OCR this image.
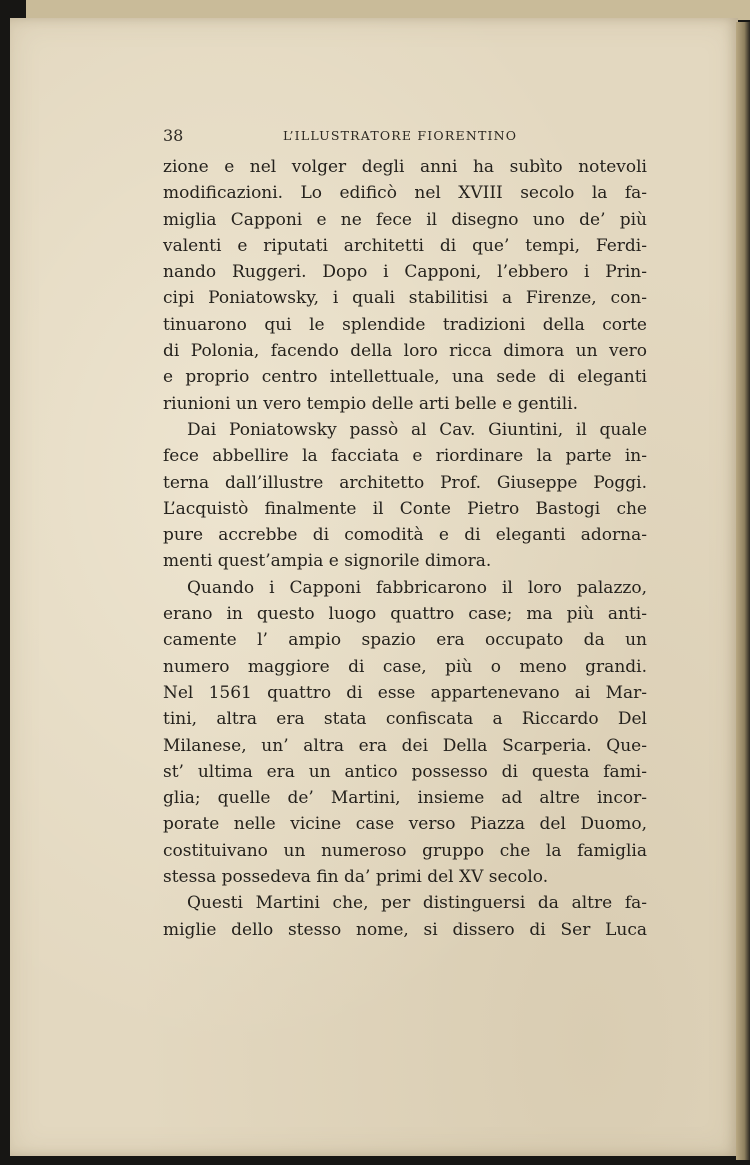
38	L’ILLUSTRATORE FIORENTINO
zione e nel volger degli anni ha subìto notevoli
modificazioni. Lo edificò nel XVIII secolo la fa-
miglia Capponi e ne fece il disegno uno de’ più
valenti e riputati architetti di que’ tempi, Ferdi-
nando Ruggeri. Dopo i Capponi, l’ebbero i Prin-
cipi Poniatowsky, i quali stabilitisi a Firenze, con-
tinuarono qui le splendide tradizioni della corte
di Polonia, facendo della loro ricca dimora un vero
e proprio centro intellettuale, una sede di eleganti
riunioni un vero tempio delle arti belle e gentili.
Dai Poniatowsky passò al Cav. Giuntini, il quale
fece abbellire la facciata e riordinare la parte in-
terna dall’illustre architetto Prof. Giuseppe Poggi.
L’acquistò finalmente il Conte Pietro Bastogi che
pure accrebbe di comodità e di eleganti adorna-
menti quest’ampia e signorile dimora.
Quando i Capponi fabbricarono il loro palazzo,
erano in questo luogo quattro case; ma più anti-
camente l’ ampio spazio era occupato da un
numero maggiore di case, più o meno grandi.
Nel 1561 quattro di esse appartenevano ai Mar-
tini, altra era stata confiscata a Riccardo Del
Milanese, un’ altra era dei Della Scarperia. Que-
st’ ultima era un antico possesso di questa fami-
glia; quelle de’ Martini, insieme ad altre incor-
porate nelle vicine case verso Piazza del Duomo,
costituivano un numeroso gruppo che la famiglia
stessa possedeva fin da’ primi del XV secolo.
Questi Martini che, per distinguersi da altre fa-
miglie dello stesso nome, si dissero di Ser Luca
